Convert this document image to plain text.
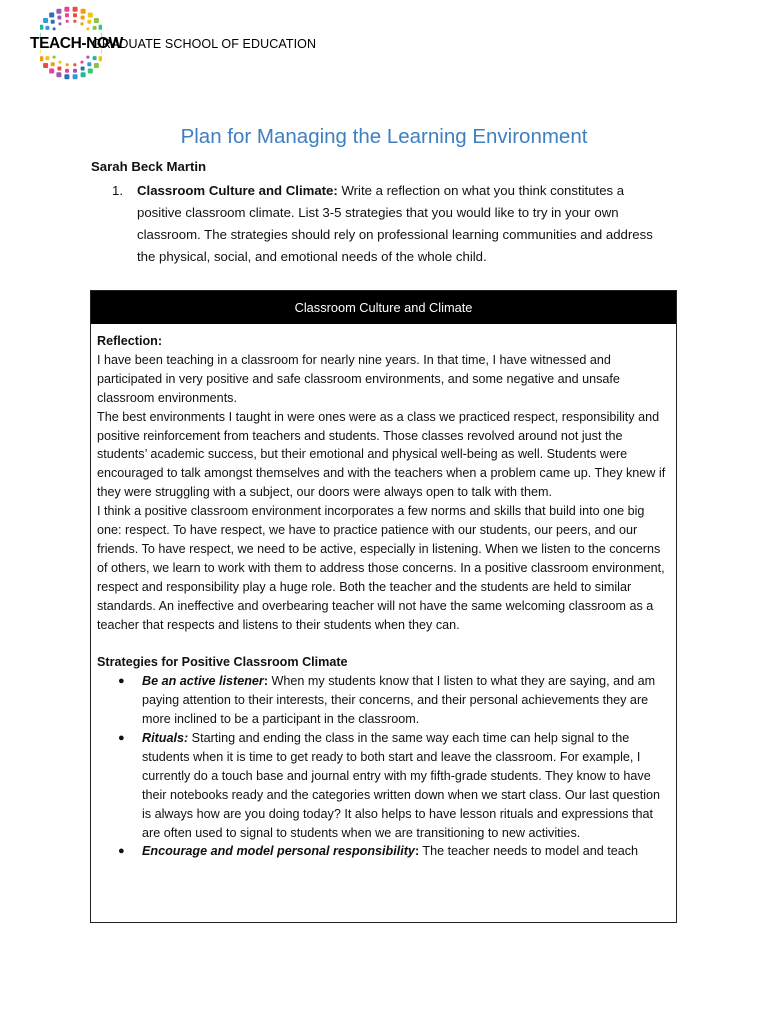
TEACH-NOW
GRADUATE SCHOOL OF EDUCATION
Plan for Managing the Learning Environment
Sarah Beck Martin
1. Classroom Culture and Climate: Write a reflection on what you think constitutes a positive classroom climate. List 3-5 strategies that you would like to try in your own classroom. The strategies should rely on professional learning communities and address the physical, social, and emotional needs of the whole child.
Classroom Culture and Climate

Reflection:

I have been teaching in a classroom for nearly nine years. In that time, I have witnessed and participated in very positive and safe classroom environments, and some negative and unsafe classroom environments.

The best environments I taught in were ones were as a class we practiced respect, responsibility and positive reinforcement from teachers and students. Those classes revolved around not just the students’ academic success, but their emotional and physical well-being as well. Students were encouraged to talk amongst themselves and with the teachers when a problem came up. They knew if they were struggling with a subject, our doors were always open to talk with them.

I think a positive classroom environment incorporates a few norms and skills that build into one big one: respect. To have respect, we have to practice patience with our students, our peers, and our friends. To have respect, we need to be active, especially in listening. When we listen to the concerns of others, we learn to work with them to address those concerns. In a positive classroom environment, respect and responsibility play a huge role. Both the teacher and the students are held to similar standards. An ineffective and overbearing teacher will not have the same welcoming classroom as a teacher that respects and listens to their students when they can.

Strategies for Positive Classroom Climate

● Be an active listener: When my students know that I listen to what they are saying, and am paying attention to their interests, their concerns, and their personal achievements they are more inclined to be a participant in the classroom.
● Rituals: Starting and ending the class in the same way each time can help signal to the students when it is time to get ready to both start and leave the classroom. For example, I currently do a touch base and journal entry with my fifth-grade students. They know to have their notebooks ready and the categories written down when we start class. Our last question is always how are you doing today? It also helps to have lesson rituals and expressions that are often used to signal to students when we are transitioning to new activities.
● Encourage and model personal responsibility: The teacher needs to model and teach
